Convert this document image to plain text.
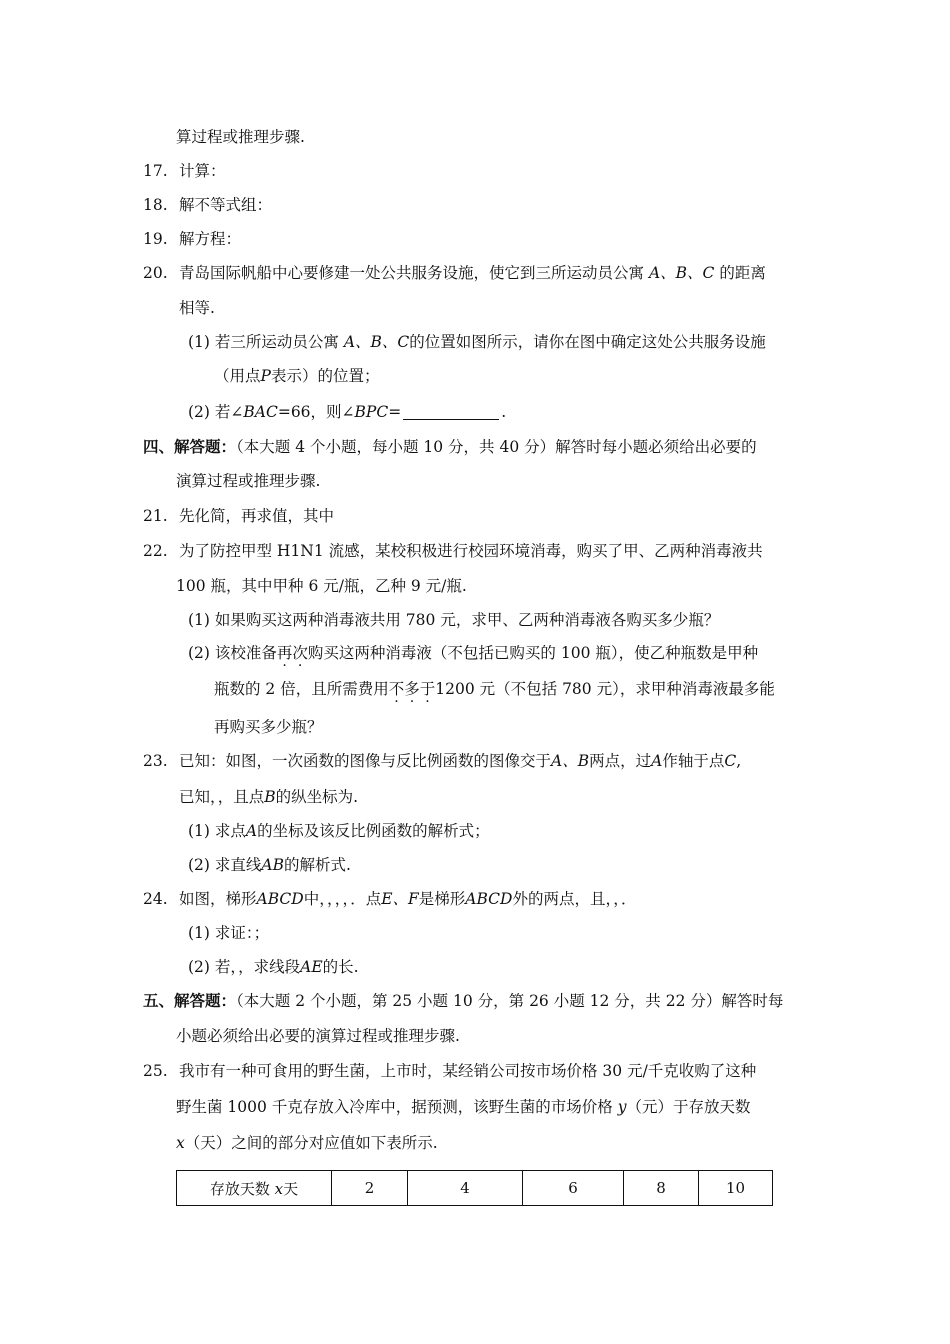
算过程或推理步骤.
17. 计算：
18. 解不等式组：
19. 解方程：
20. 青岛国际帆船中心要修建一处公共服务设施，使它到三所运动员公寓 A、B、C 的距离
相等.
(1) 若三所运动员公寓 A、B、C的位置如图所示，请你在图中确定这处公共服务设施
（用点P表示）的位置；
(2) 若∠BAC=66，则∠BPC=	.
四、解答题：（本大题 4 个小题，每小题 10 分，共 40 分）解答时每小题必须给出必要的
演算过程或推理步骤.
21. 先化简，再求值，其中
22. 为了防控甲型 H1N1 流感，某校积极进行校园环境消毒，购买了甲、乙两种消毒液共
100 瓶，其中甲种 6 元/瓶，乙种 9 元/瓶.
(1) 如果购买这两种消毒液共用 780 元，求甲、乙两种消毒液各购买多少瓶？
(2) 该校准备再次购买这两种消毒液（不包括已购买的 100 瓶），使乙种瓶数是甲种
瓶数的 2 倍，且所需费用不多于1200 元（不包括 780 元），求甲种消毒液最多能
再购买多少瓶？
23. 已知：如图，一次函数的图像与反比例函数的图像交于A、B两点，过A作轴于点C,
已知，，且点B的纵坐标为.
(1) 求点A的坐标及该反比例函数的解析式；
(2) 求直线AB的解析式.
24. 如图，梯形ABCD中，，，，．点E、F是梯形ABCD外的两点，且，，．
(1) 求证：；
(2) 若，，求线段AE的长.
五、解答题：（本大题 2 个小题，第 25 小题 10 分，第 26 小题 12 分，共 22 分）解答时每
小题必须给出必要的演算过程或推理步骤.
25. 我市有一种可食用的野生菌，上市时，某经销公司按市场价格 30 元/千克收购了这种
野生菌 1000 千克存放入冷库中，据预测，该野生菌的市场价格 y（元）于存放天数
x（天）之间的部分对应值如下表所示.
存放天数 x天	2	4	6	8	10
